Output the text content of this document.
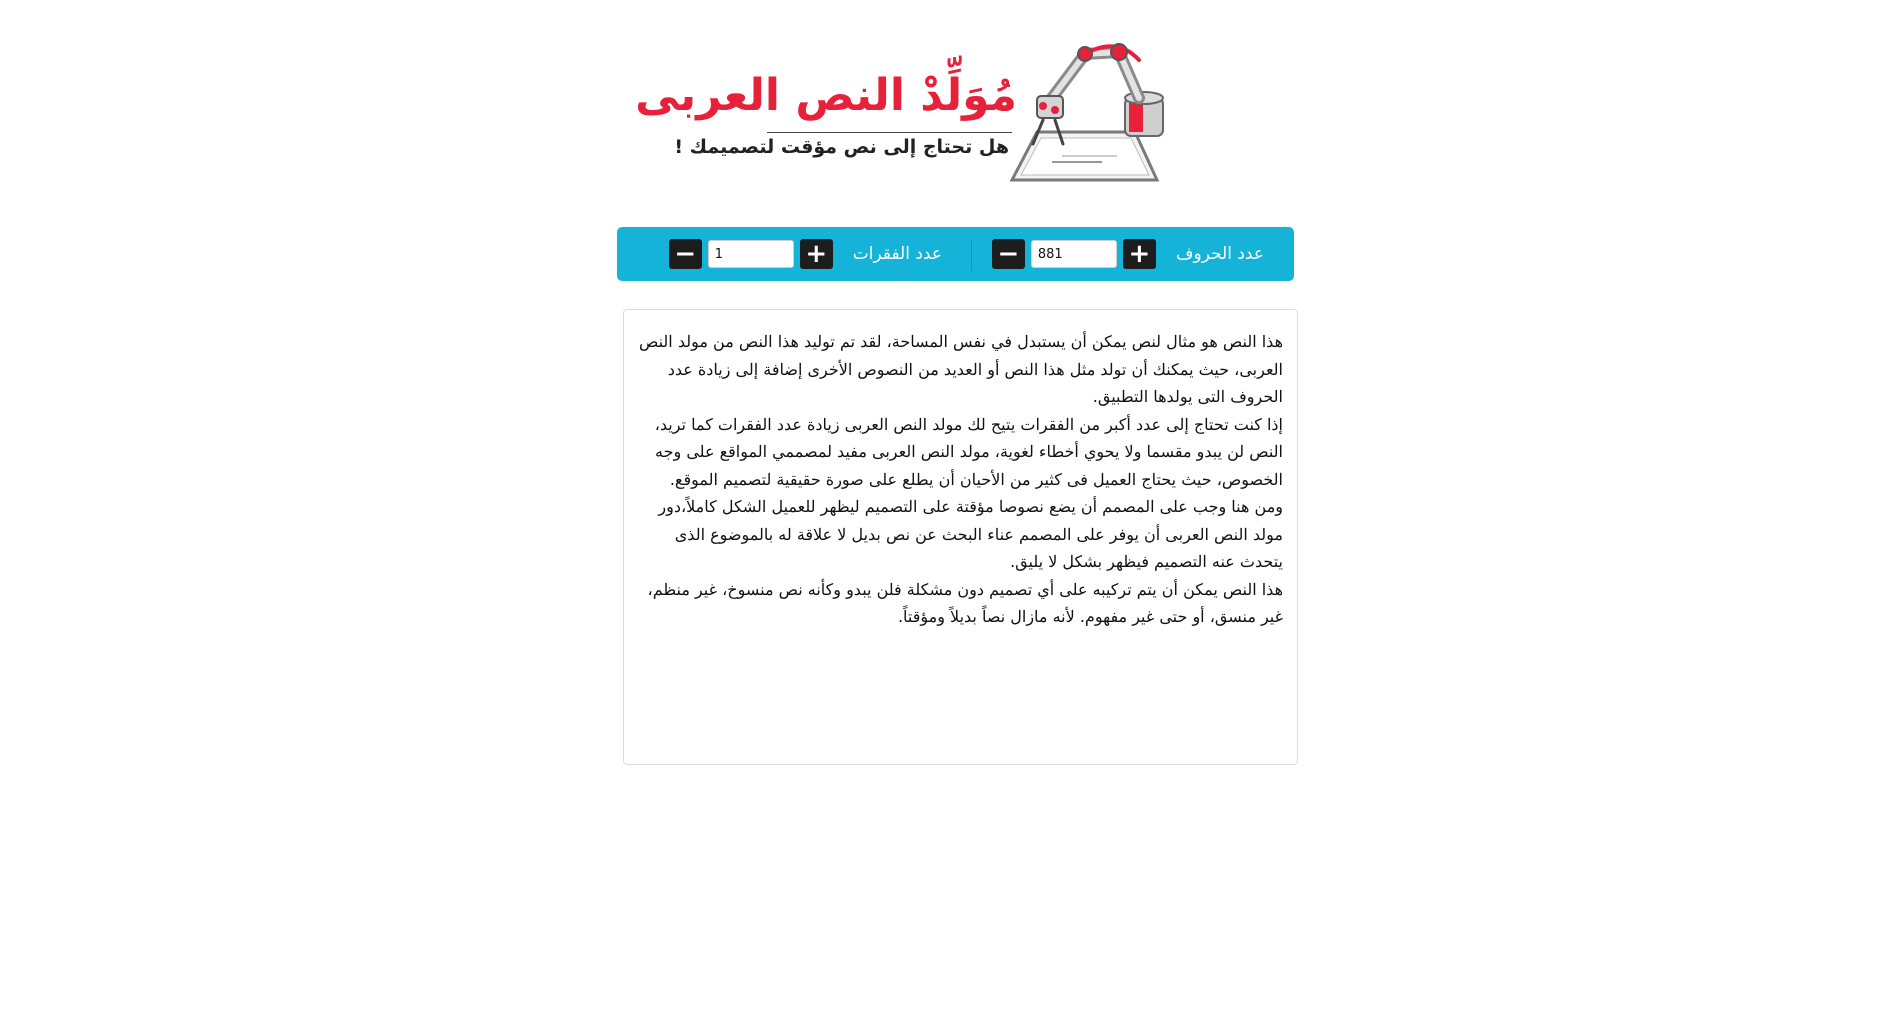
مُوَلِّدْ النص العربى
هل تحتاج إلى نص مؤقت لتصميمك !
عدد الحروف
+
881
−
عدد الفقرات
+
1
−

هذا النص هو مثال لنص يمكن أن يستبدل في نفس المساحة، لقد تم توليد هذا النص من مولد النص العربى، حيث يمكنك أن تولد مثل هذا النص أو العديد من النصوص الأخرى إضافة إلى زيادة عدد الحروف التى يولدها التطبيق.

إذا كنت تحتاج إلى عدد أكبر من الفقرات يتيح لك مولد النص العربى زيادة عدد الفقرات كما تريد، النص لن يبدو مقسما ولا يحوي أخطاء لغوية، مولد النص العربى مفيد لمصممي المواقع على وجه الخصوص، حيث يحتاج العميل فى كثير من الأحيان أن يطلع على صورة حقيقية لتصميم الموقع.

ومن هنا وجب على المصمم أن يضع نصوصا مؤقتة على التصميم ليظهر للعميل الشكل كاملاً،دور مولد النص العربى أن يوفر على المصمم عناء البحث عن نص بديل لا علاقة له بالموضوع الذى يتحدث عنه التصميم فيظهر بشكل لا يليق.

هذا النص يمكن أن يتم تركيبه على أي تصميم دون مشكلة فلن يبدو وكأنه نص منسوخ، غير منظم، غير منسق، أو حتى غير مفهوم. لأنه مازال نصاً بديلاً ومؤقتاً.
